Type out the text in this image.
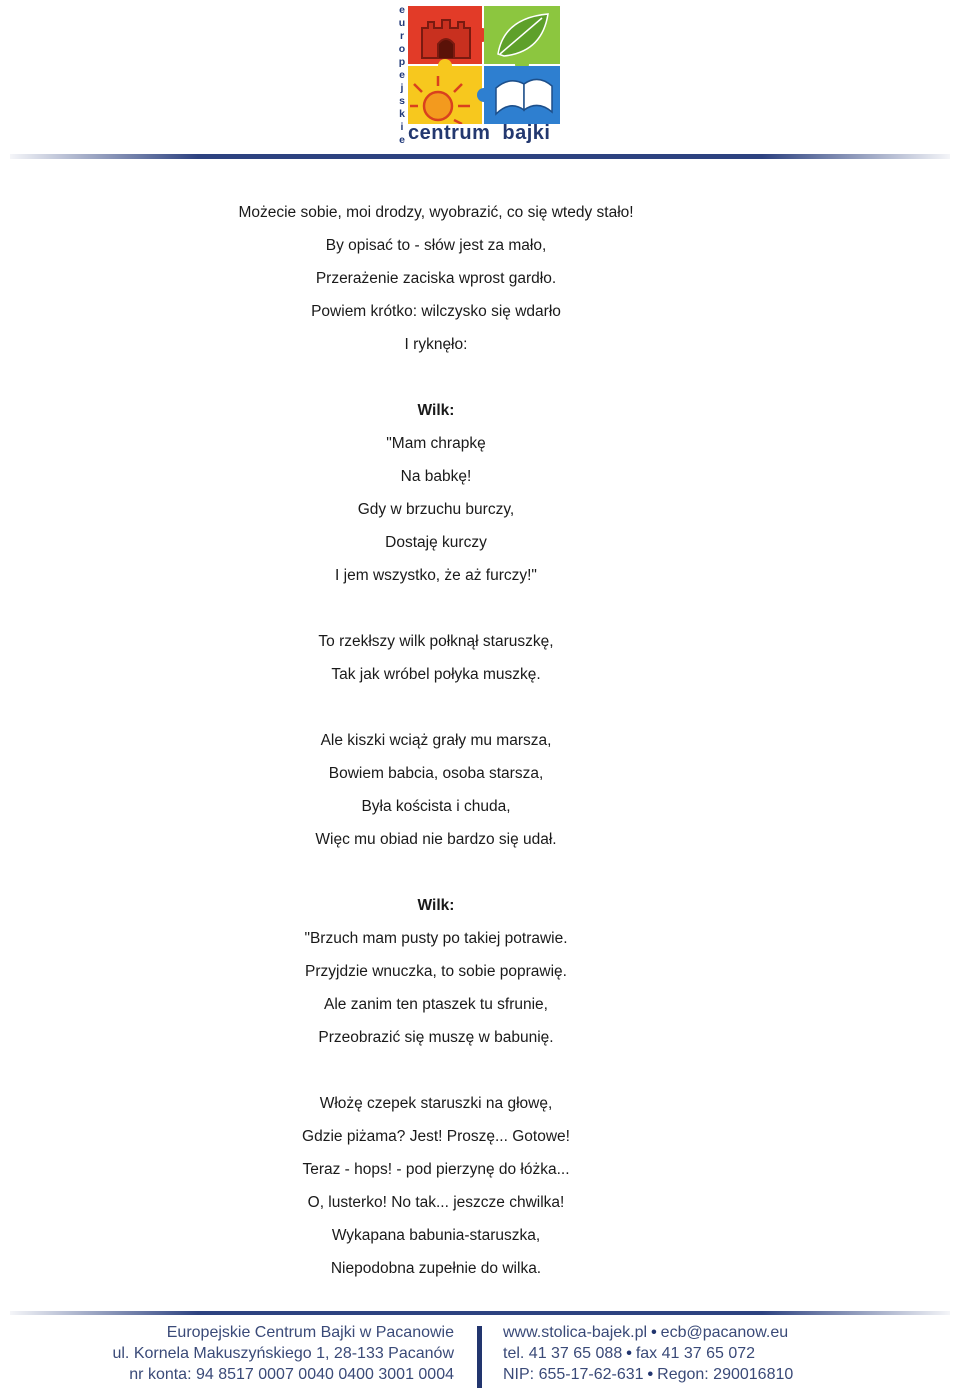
e
u
r
o
p
e
j
s
k
i
e centrum bajki
Możecie sobie, moi drodzy, wyobrazić, co się wtedy stało!
By opisać to - słów jest za mało,
Przerażenie zaciska wprost gardło.
Powiem krótko: wilczysko się wdarło
I ryknęło:
Wilk:
"Mam chrapkę
Na babkę!
Gdy w brzuchu burczy,
Dostaję kurczy
I jem wszystko, że aż furczy!"
To rzekłszy wilk połknął staruszkę,
Tak jak wróbel połyka muszkę.
Ale kiszki wciąż grały mu marsza,
Bowiem babcia, osoba starsza,
Była koścista i chuda,
Więc mu obiad nie bardzo się udał.
Wilk:
"Brzuch mam pusty po takiej potrawie.
Przyjdzie wnuczka, to sobie poprawię.
Ale zanim ten ptaszek tu sfrunie,
Przeobrazić się muszę w babunię.
Włożę czepek staruszki na głowę,
Gdzie piżama? Jest! Proszę... Gotowe!
Teraz - hops! - pod pierzynę do łóżka...
O, lusterko! No tak... jeszcze chwilka!
Wykapana babunia-staruszka,
Niepodobna zupełnie do wilka.
Europejskie Centrum Bajki w Pacanowie
ul. Kornela Makuszyńskiego 1, 28-133 Pacanów
nr konta: 94 8517 0007 0040 0400 3001 0004
www.stolica-bajek.pl • ecb@pacanow.eu
tel. 41 37 65 088 • fax 41 37 65 072
NIP: 655-17-62-631 • Regon: 290016810
